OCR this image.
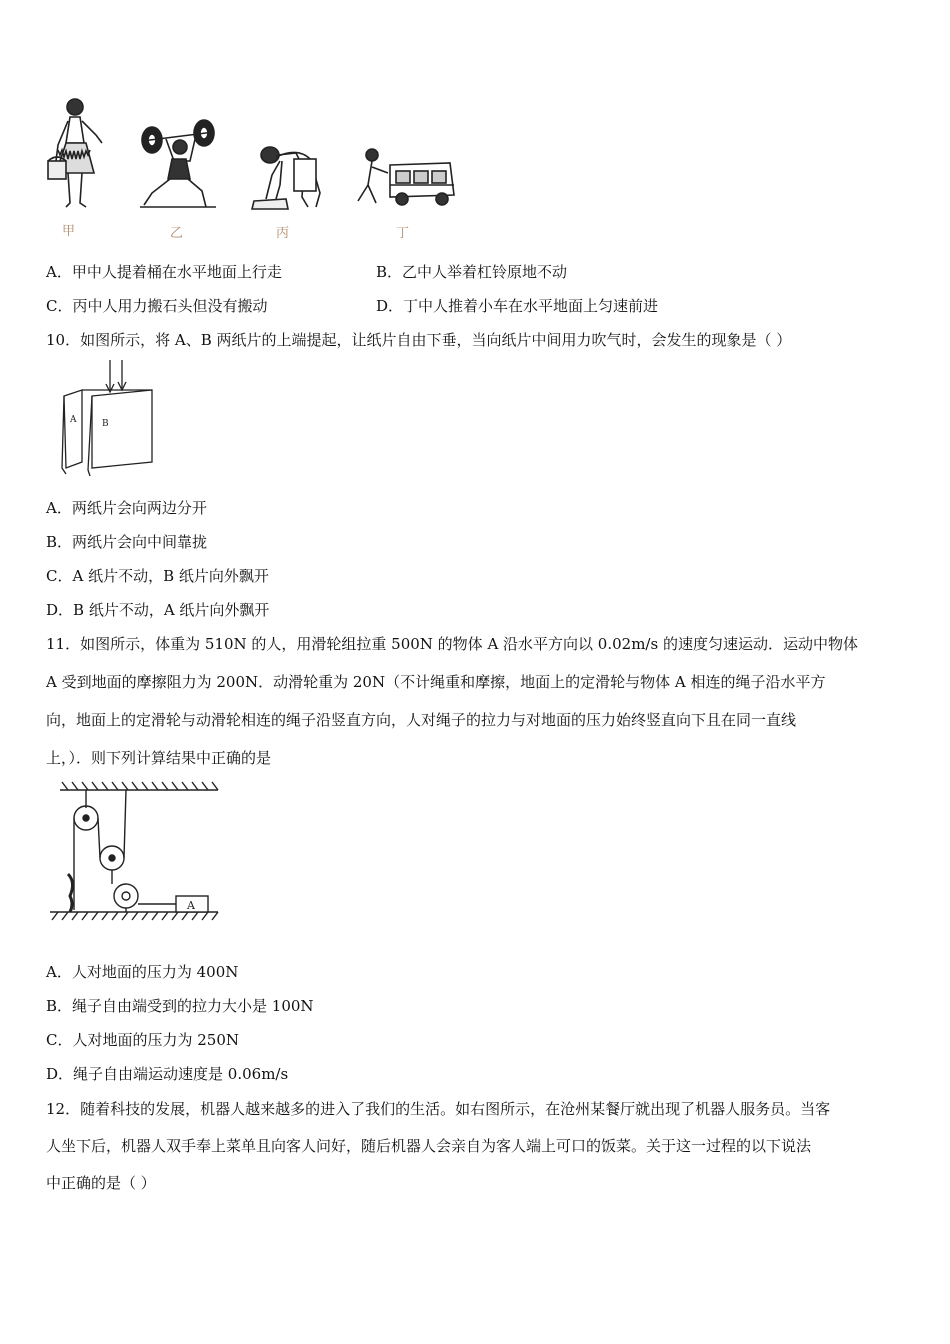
甲	乙	丙	丁
A．甲中人提着桶在水平地面上行走	B．乙中人举着杠铃原地不动
C．丙中人用力搬石头但没有搬动	D．丁中人推着小车在水平地面上匀速前进
10．如图所示，将 A、B 两纸片的上端提起，让纸片自由下垂，当向纸片中间用力吹气时，会发生的现象是（ ）
A	B
A．两纸片会向两边分开
B．两纸片会向中间靠拢
C．A 纸片不动，B 纸片向外飘开
D．B 纸片不动，A 纸片向外飘开
11．如图所示，体重为 510N 的人，用滑轮组拉重 500N 的物体 A 沿水平方向以 0.02m/s 的速度匀速运动．运动中物体
A 受到地面的摩擦阻力为 200N．动滑轮重为 20N（不计绳重和摩擦，地面上的定滑轮与物体 A 相连的绳子沿水平方
向，地面上的定滑轮与动滑轮相连的绳子沿竖直方向，人对绳子的拉力与对地面的压力始终竖直向下且在同一直线
上，）．则下列计算结果中正确的是
A
A．人对地面的压力为 400N
B．绳子自由端受到的拉力大小是 100N
C．人对地面的压力为 250N
D．绳子自由端运动速度是 0.06m/s
12．随着科技的发展，机器人越来越多的进入了我们的生活。如右图所示，在沧州某餐厅就出现了机器人服务员。当客
人坐下后，机器人双手奉上菜单且向客人问好，随后机器人会亲自为客人端上可口的饭菜。关于这一过程的以下说法
中正确的是（ ）
